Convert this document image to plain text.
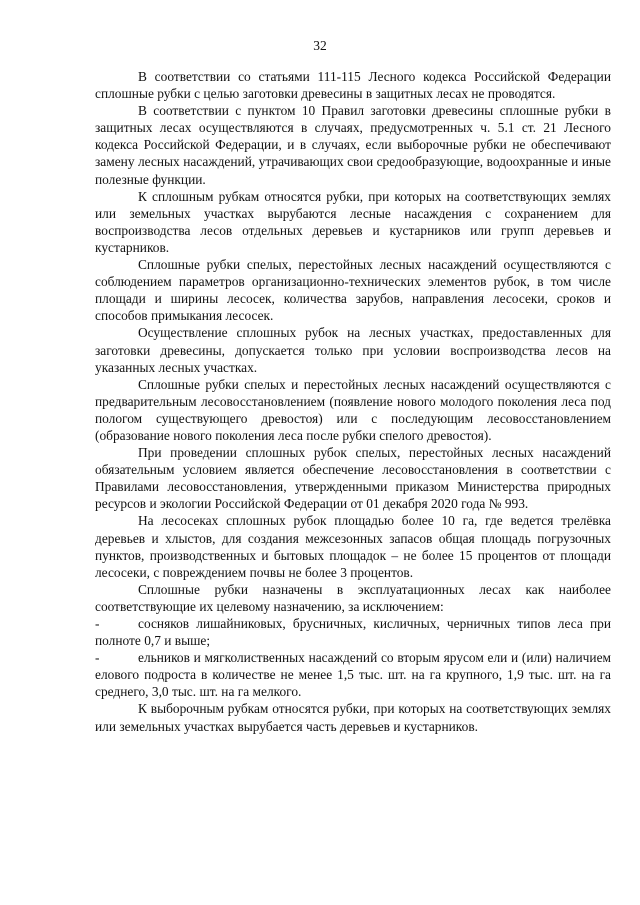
32

В соответствии со статьями 111-115 Лесного кодекса Российской Федерации сплошные рубки с целью заготовки древесины в защитных лесах не проводятся.

В соответствии с пунктом 10 Правил заготовки древесины сплошные рубки в защитных лесах осуществляются в случаях, предусмотренных ч. 5.1 ст. 21 Лесного кодекса Российской Федерации, и в случаях, если выборочные рубки не обеспечивают замену лесных насаждений, утрачивающих свои средообразующие, водоохранные и иные полезные функции.

К сплошным рубкам относятся рубки, при которых на соответствующих землях или земельных участках вырубаются лесные насаждения с сохранением для воспроизводства лесов отдельных деревьев и кустарников или групп деревьев и кустарников.

Сплошные рубки спелых, перестойных лесных насаждений осуществляются с соблюдением параметров организационно-технических элементов рубок, в том числе площади и ширины лесосек, количества зарубов, направления лесосеки, сроков и способов примыкания лесосек.

Осуществление сплошных рубок на лесных участках, предоставленных для заготовки древесины, допускается только при условии воспроизводства лесов на указанных лесных участках.

Сплошные рубки спелых и перестойных лесных насаждений осуществляются с предварительным лесовосстановлением (появление нового молодого поколения леса под пологом существующего древостоя) или с последующим лесовосстановлением (образование нового поколения леса после рубки спелого древостоя).

При проведении сплошных рубок спелых, перестойных лесных насаждений обязательным условием является обеспечение лесовосстановления в соответствии с Правилами лесовосстановления, утвержденными приказом Министерства природных ресурсов и экологии Российской Федерации от 01 декабря 2020 года № 993.

На лесосеках сплошных рубок площадью более 10 га, где ведется трелёвка деревьев и хлыстов, для создания межсезонных запасов общая площадь погрузочных пунктов, производственных и бытовых площадок – не более 15 процентов от площади лесосеки, с повреждением почвы не более 3 процентов.

Сплошные рубки назначены в эксплуатационных лесах как наиболее соответствующие их целевому назначению, за исключением:

-	сосняков лишайниковых, брусничных, кисличных, черничных типов леса при полноте 0,7 и выше;

-	ельников и мягколиственных насаждений со вторым ярусом ели и (или) наличием елового подроста в количестве не менее 1,5 тыс. шт. на га крупного, 1,9 тыс. шт. на га среднего, 3,0 тыс. шт. на га мелкого.

К выборочным рубкам относятся рубки, при которых на соответствующих землях или земельных участках вырубается часть деревьев и кустарников.
